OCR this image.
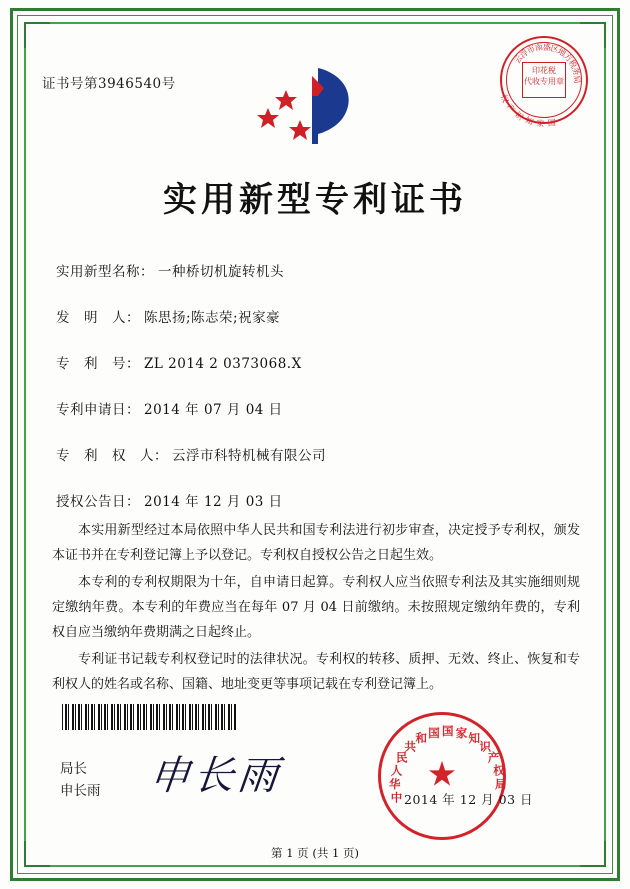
证书号第3946540号
云
浮
市
南
盛
区
地
方
税
务
局
国
家
知
识
产
权
印花税
代收专用章
实用新型专利证书
实用新型名称： 一种桥切机旋转机头
发　明　人： 陈思扬;陈志荣;祝家豪
专　利　号： ZL 2014 2 0373068.X
专利申请日： 2014 年 07 月 04 日
专　利　权　人： 云浮市科特机械有限公司
授权公告日： 2014 年 12 月 03 日

本实用新型经过本局依照中华人民共和国专利法进行初步审查，决定授予专利权，颁发本证书并在专利登记簿上予以登记。专利权自授权公告之日起生效。

本专利的专利权期限为十年，自申请日起算。专利权人应当依照专利法及其实施细则规定缴纳年费。本专利的年费应当在每年 07 月 04 日前缴纳。未按照规定缴纳年费的，专利权自应当缴纳年费期满之日起终止。

专利证书记载专利权登记时的法律状况。专利权的转移、质押、无效、终止、恢复和专利权人的姓名或名称、国籍、地址变更等事项记载在专利登记簿上。

局长
申长雨 申长雨	中
华
人
民
共
和 国 国 家 知
识
产
权
局
★
2014 年 12 月 03 日
第 1 页 (共 1 页)
